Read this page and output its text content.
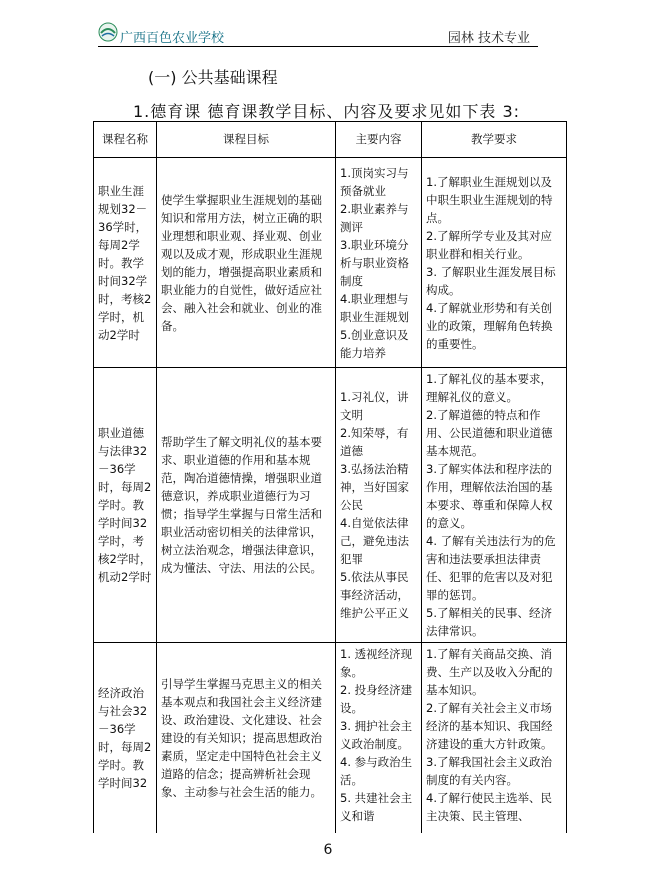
广西百色农业学校	园林 技术专业
(一) 公共基础课程
1.德育课 德育课教学目标、内容及要求见如下表 3:
课程名称	课程目标	主要内容	教学要求
职业生涯规划32－36学时，每周2学时。教学时间32学时，考核2学时，机动2学时	使学生掌握职业生涯规划的基础知识和常用方法，树立正确的职业理想和职业观、择业观、创业观以及成才观，形成职业生涯规划的能力，增强提高职业素质和职业能力的自觉性，做好适应社会、融入社会和就业、创业的准备。	1.顶岗实习与预备就业
2.职业素养与测评
3.职业环境分析与职业资格制度
4.职业理想与职业生涯规划
5.创业意识及能力培养	1.了解职业生涯规划以及中职生职业生涯规划的特点。
2.了解所学专业及其对应职业群和相关行业。
3. 了解职业生涯发展目标构成。
4.了解就业形势和有关创业的政策，理解角色转换的重要性。
职业道德与法律32－36学时，每周2学时。教学时间32学时，考核2学时，机动2学时	帮助学生了解文明礼仪的基本要求、职业道德的作用和基本规范，陶冶道德情操，增强职业道德意识，养成职业道德行为习惯；指导学生掌握与日常生活和职业活动密切相关的法律常识，树立法治观念，增强法律意识，成为懂法、守法、用法的公民。	1.习礼仪，讲文明
2.知荣辱，有道德
3.弘扬法治精神，当好国家公民
4.自觉依法律己，避免违法犯罪
5.依法从事民事经济活动，维护公平正义	1.了解礼仪的基本要求，理解礼仪的意义。
2.了解道德的特点和作用、公民道德和职业道德基本规范。
3.了解实体法和程序法的作用，理解依法治国的基本要求、尊重和保障人权的意义。
4. 了解有关违法行为的危害和违法要承担法律责任、犯罪的危害以及对犯罪的惩罚。
5.了解相关的民事、经济法律常识。
经济政治与社会32－36学时，每周2学时。教学时间32	引导学生掌握马克思主义的相关基本观点和我国社会主义经济建设、政治建设、文化建设、社会建设的有关知识；提高思想政治素质，坚定走中国特色社会主义道路的信念；提高辨析社会现象、主动参与社会生活的能力。	1. 透视经济现象。
2. 投身经济建设。
3. 拥护社会主义政治制度。
4. 参与政治生活。
5. 共建社会主义和谐	1.了解有关商品交换、消费、生产以及收入分配的基本知识。
2.了解有关社会主义市场经济的基本知识、我国经济建设的重大方针政策。
3.了解我国社会主义政治制度的有关内容。
4.了解行使民主选举、民主决策、民主管理、
6
